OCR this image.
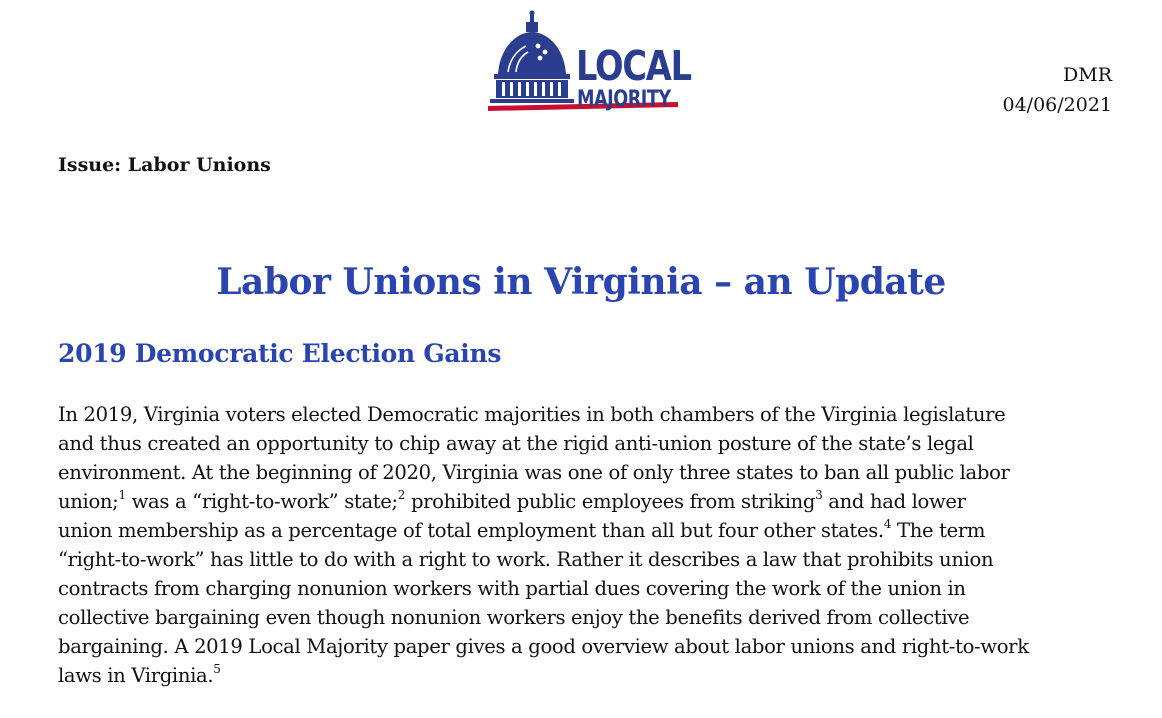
LOCAL
MAJORITY
DMR
04/06/2021
Issue: Labor Unions
Labor Unions in Virginia – an Update
2019 Democratic Election Gains
In 2019, Virginia voters elected Democratic majorities in both chambers of the Virginia legislature
and thus created an opportunity to chip away at the rigid anti-union posture of the state’s legal
environment. At the beginning of 2020, Virginia was one of only three states to ban all public labor
union;$^1$ was a “right-to-work” state;$^2$ prohibited public employees from striking$^3$ and had lower
union membership as a percentage of total employment than all but four other states.$^4$ The term
“right-to-work” has little to do with a right to work. Rather it describes a law that prohibits union
contracts from charging nonunion workers with partial dues covering the work of the union in
collective bargaining even though nonunion workers enjoy the benefits derived from collective
bargaining. A 2019 Local Majority paper gives a good overview about labor unions and right-to-work
laws in Virginia.$^5$
